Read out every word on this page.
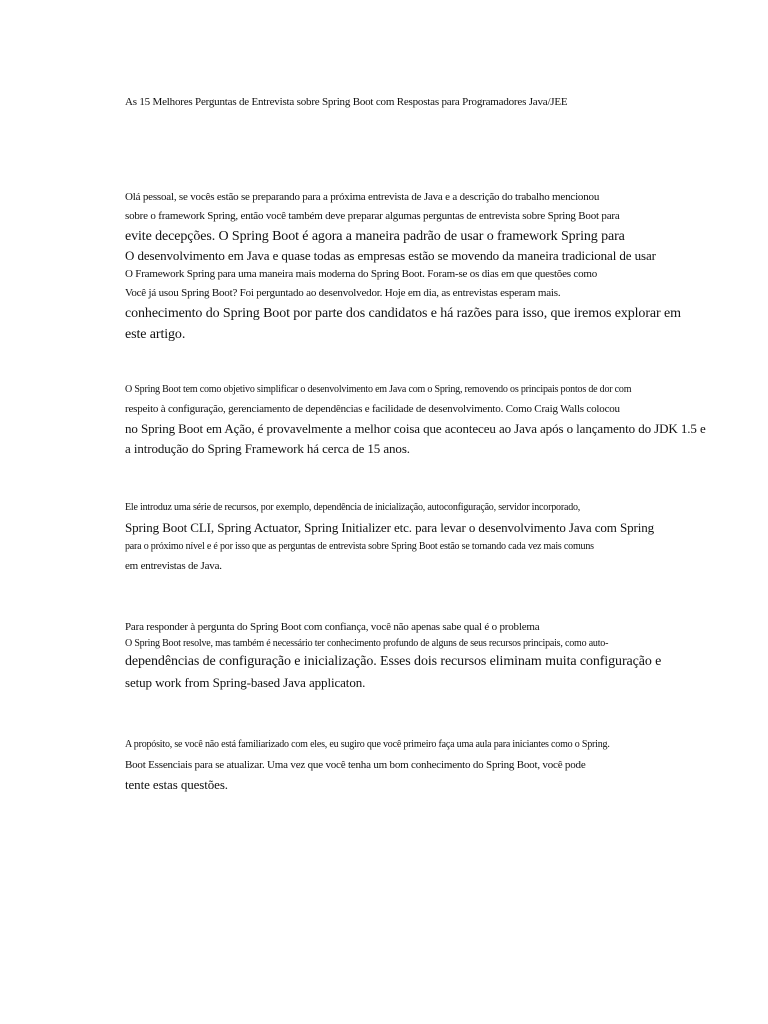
As 15 Melhores Perguntas de Entrevista sobre Spring Boot com Respostas para Programadores Java/JEE
Olá pessoal, se vocês estão se preparando para a próxima entrevista de Java e a descrição do trabalho mencionou
sobre o framework Spring, então você também deve preparar algumas perguntas de entrevista sobre Spring Boot para
evite decepções. O Spring Boot é agora a maneira padrão de usar o framework Spring para
O desenvolvimento em Java e quase todas as empresas estão se movendo da maneira tradicional de usar
O Framework Spring para uma maneira mais moderna do Spring Boot. Foram-se os dias em que questões como
Você já usou Spring Boot? Foi perguntado ao desenvolvedor. Hoje em dia, as entrevistas esperam mais.
conhecimento do Spring Boot por parte dos candidatos e há razões para isso, que iremos explorar em
este artigo.
O Spring Boot tem como objetivo simplificar o desenvolvimento em Java com o Spring, removendo os principais pontos de dor com
respeito à configuração, gerenciamento de dependências e facilidade de desenvolvimento. Como Craig Walls colocou
no Spring Boot em Ação, é provavelmente a melhor coisa que aconteceu ao Java após o lançamento do JDK 1.5 e
a introdução do Spring Framework há cerca de 15 anos.
Ele introduz uma série de recursos, por exemplo, dependência de inicialização, autoconfiguração, servidor incorporado,
Spring Boot CLI, Spring Actuator, Spring Initializer etc. para levar o desenvolvimento Java com Spring
para o próximo nível e é por isso que as perguntas de entrevista sobre Spring Boot estão se tornando cada vez mais comuns
em entrevistas de Java.
Para responder à pergunta do Spring Boot com confiança, você não apenas sabe qual é o problema
O Spring Boot resolve, mas também é necessário ter conhecimento profundo de alguns de seus recursos principais, como auto-
dependências de configuração e inicialização. Esses dois recursos eliminam muita configuração e
setup work from Spring-based Java applicaton.
A propósito, se você não está familiarizado com eles, eu sugiro que você primeiro faça uma aula para iniciantes como o Spring.
Boot Essenciais para se atualizar. Uma vez que você tenha um bom conhecimento do Spring Boot, você pode
tente estas questões.
